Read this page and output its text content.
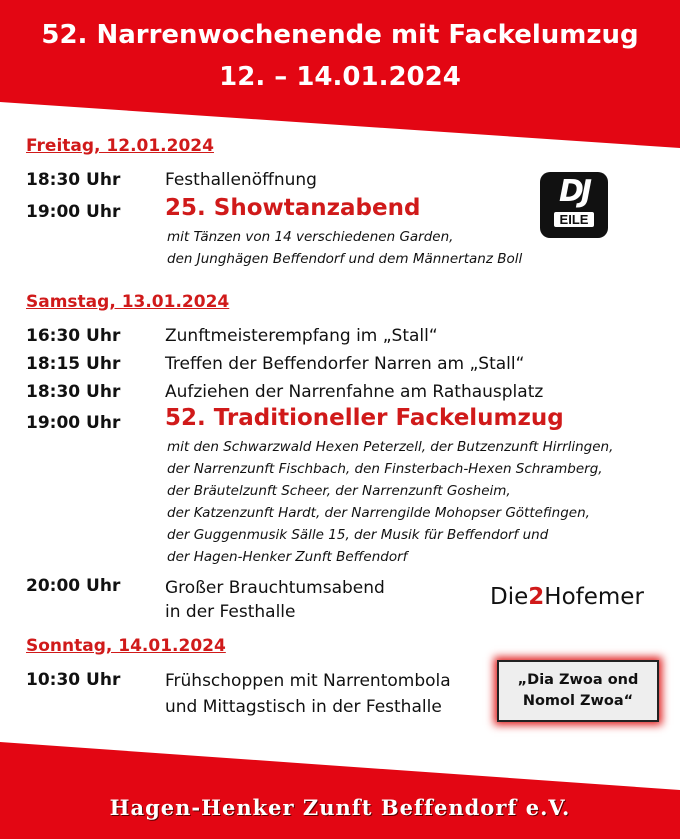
52. Narrenwochenende mit Fackelumzug
12. – 14.01.2024
Freitag, 12.01.2024
18:30 Uhr	Festhallenöffnung
19:00 Uhr 25. Showtanzabend
mit Tänzen von 14 verschiedenen Garden,
den Junghägen Beffendorf und dem Männertanz Boll
DJ
EILE
Samstag, 13.01.2024
16:30 Uhr	Zunftmeisterempfang im „Stall“
18:15 Uhr	Treffen der Beffendorfer Narren am „Stall“
18:30 Uhr	Aufziehen der Narrenfahne am Rathausplatz
19:00 Uhr 52. Traditioneller Fackelumzug
mit den Schwarzwald Hexen Peterzell, der Butzenzunft Hirrlingen,
der Narrenzunft Fischbach, den Finsterbach-Hexen Schramberg,
der Bräutelzunft Scheer, der Narrenzunft Gosheim,
der Katzenzunft Hardt, der Narrengilde Mohopser Göttefingen,
der Guggenmusik Sälle 15, der Musik für Beffendorf und
der Hagen-Henker Zunft Beffendorf
20:00 Uhr	Großer Brauchtumsabend
in der Festhalle
Die2Hofemer
Sonntag, 14.01.2024
10:30 Uhr	Frühschoppen mit Narrentombola
und Mittagstisch in der Festhalle
„Dia Zwoa ond
Nomol Zwoa“
Hagen-Henker Zunft Beffendorf e.V.
